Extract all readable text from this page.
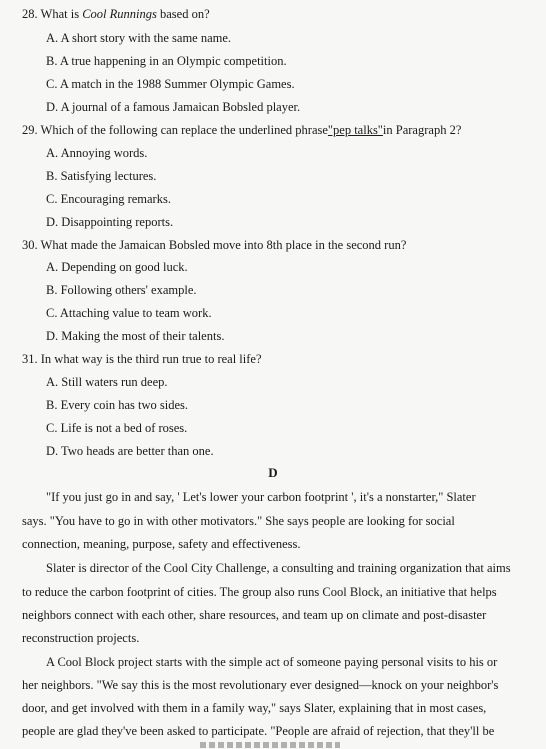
28. What is Cool Runnings based on?
A. A short story with the same name.
B. A true happening in an Olympic competition.
C. A match in the 1988 Summer Olympic Games.
D. A journal of a famous Jamaican Bobsled player.
29. Which of the following can replace the underlined phrase"pep talks"in Paragraph 2?
A. Annoying words.
B. Satisfying lectures.
C. Encouraging remarks.
D. Disappointing reports.
30. What made the Jamaican Bobsled move into 8th place in the second run?
A. Depending on good luck.
B. Following others' example.
C. Attaching value to team work.
D. Making the most of their talents.
31. In what way is the third run true to real life?
A. Still waters run deep.
B. Every coin has two sides.
C. Life is not a bed of roses.
D. Two heads are better than one.
D
"If you just go in and say, ' Let's lower your carbon footprint ', it's a nonstarter," Slater
says. "You have to go in with other motivators." She says people are looking for social
connection, meaning, purpose, safety and effectiveness.
Slater is director of the Cool City Challenge, a consulting and training organization that aims
to reduce the carbon footprint of cities. The group also runs Cool Block, an initiative that helps
neighbors connect with each other, share resources, and team up on climate and post-disaster
reconstruction projects.
A Cool Block project starts with the simple act of someone paying personal visits to his or
her neighbors. "We say this is the most revolutionary ever designed—knock on your neighbor's
door, and get involved with them in a family way," says Slater, explaining that in most cases,
people are glad they've been asked to participate. "People are afraid of rejection, that they'll be
